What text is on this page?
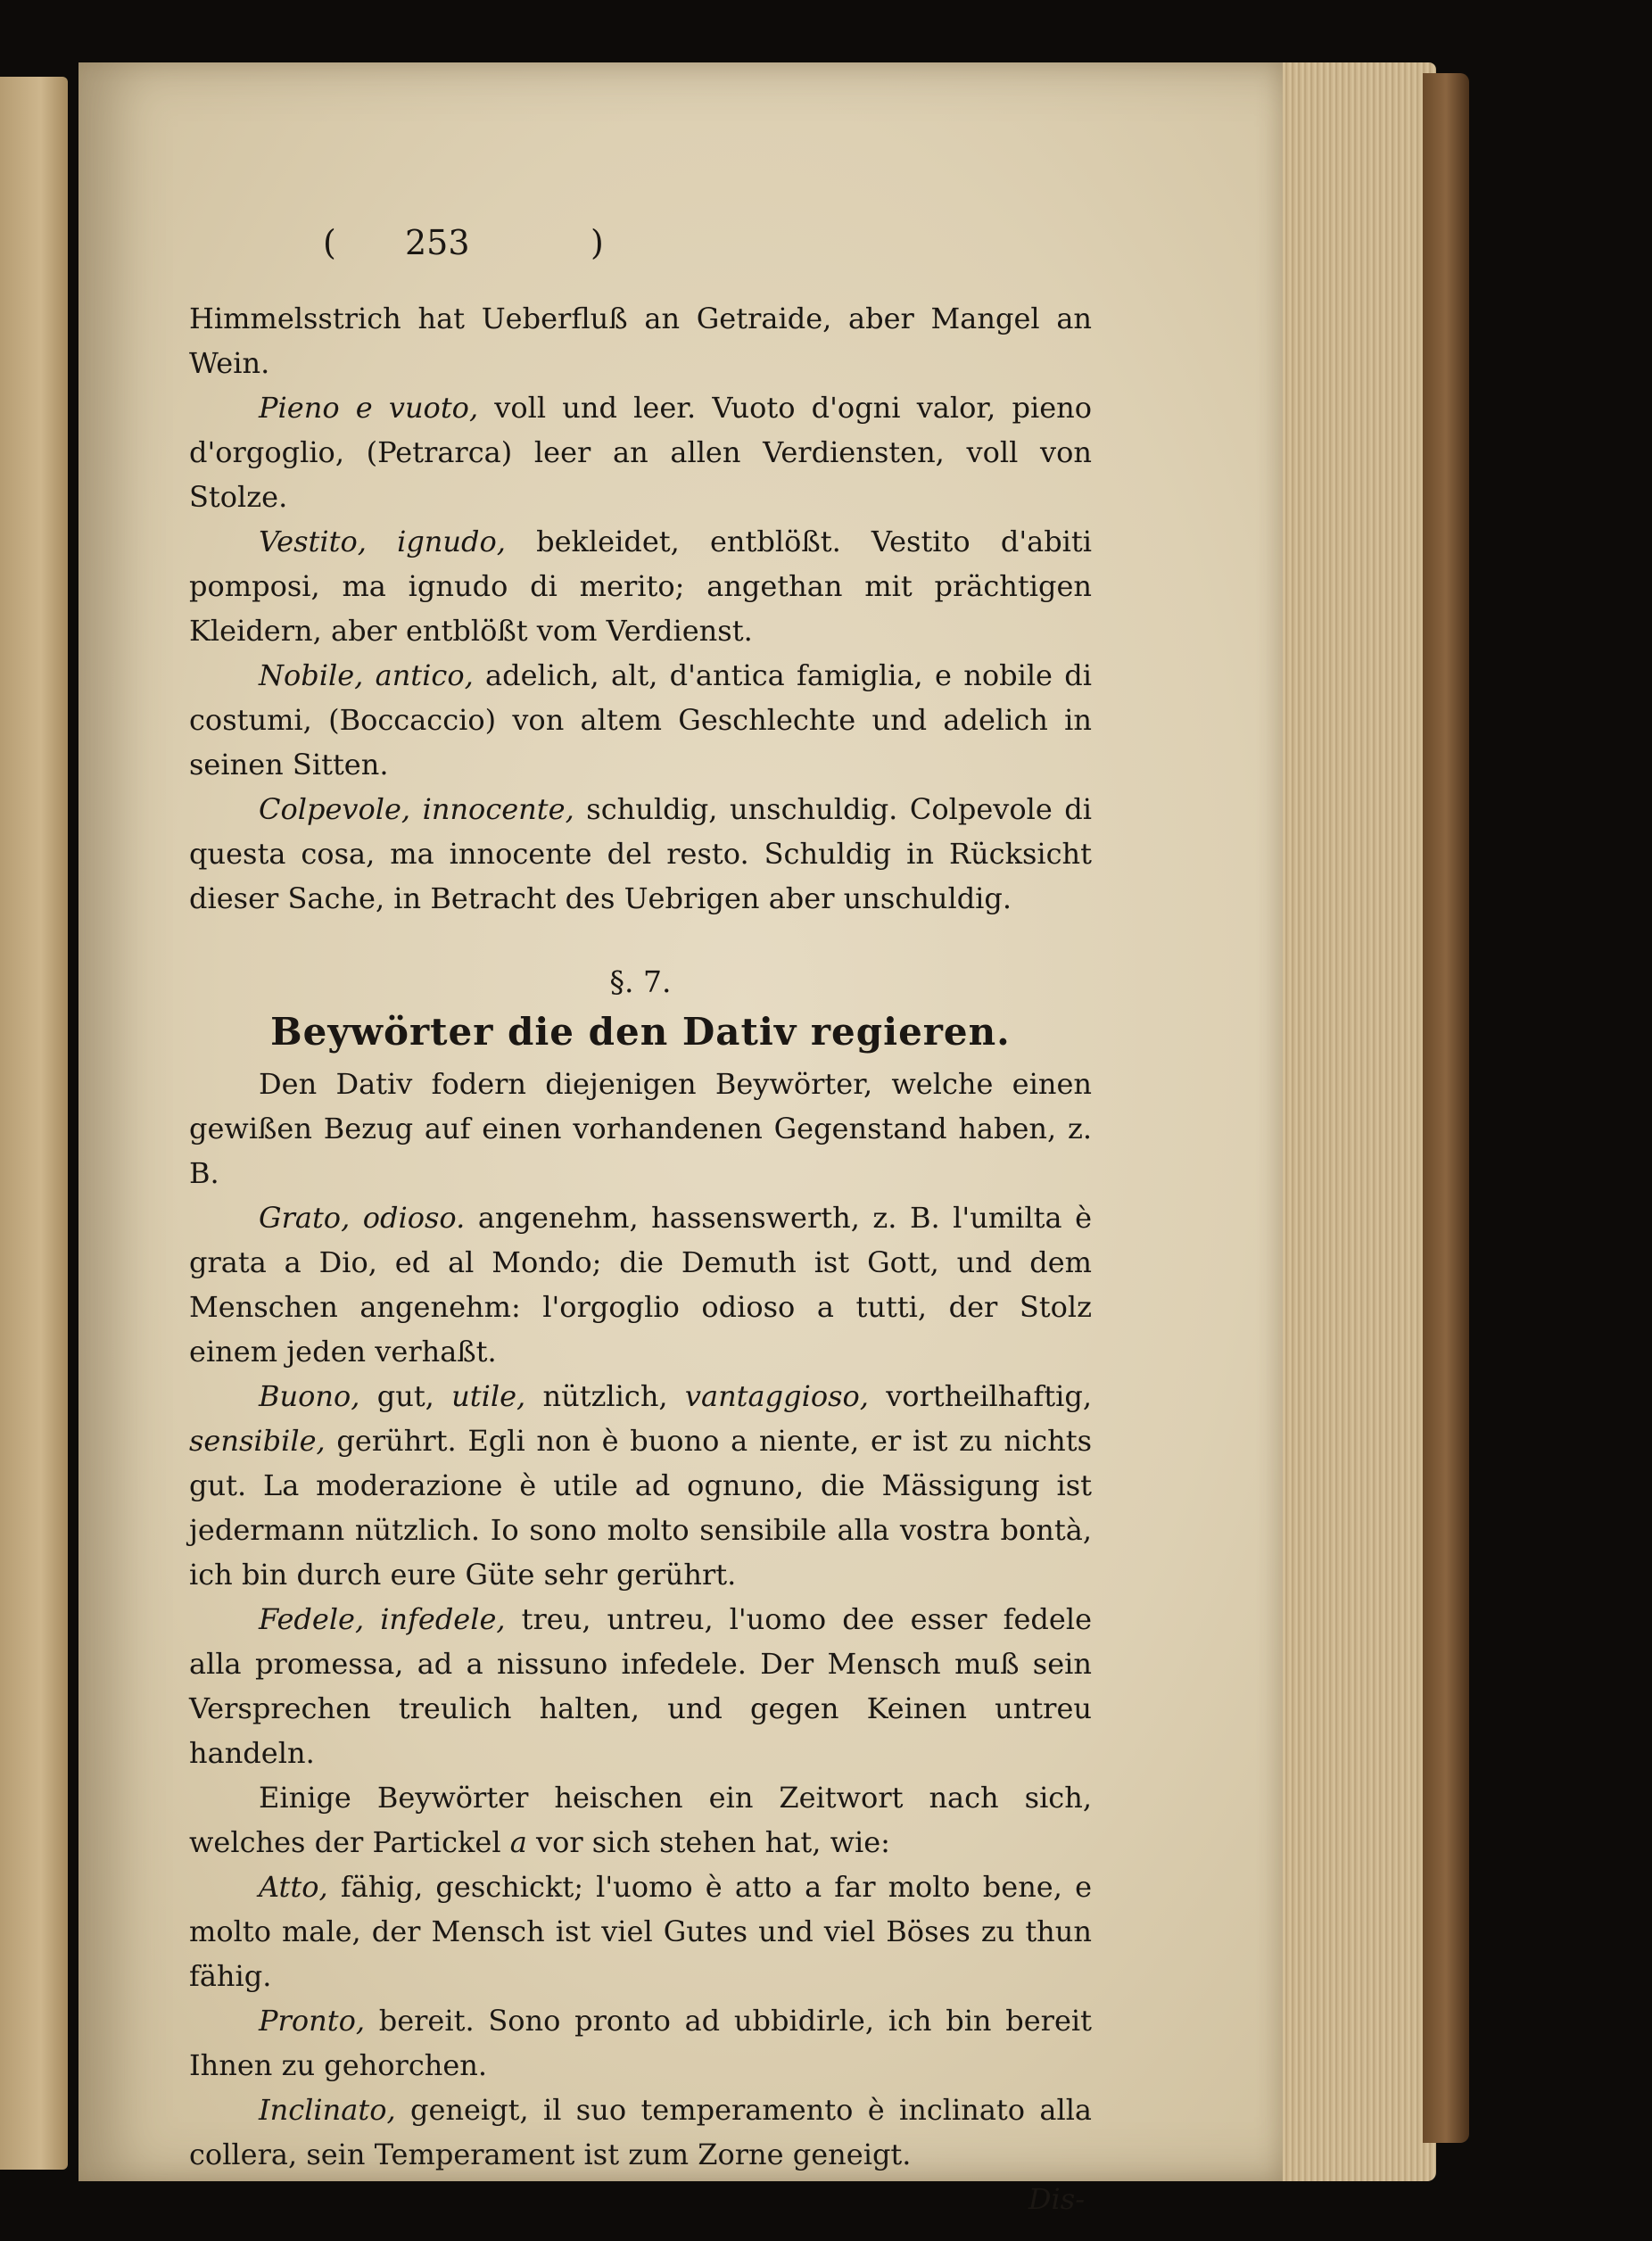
( 253	)

Himmelsstrich hat Ueberfluß an Getraide, aber Mangel an Wein.

Pieno e vuoto, voll und leer. Vuoto d'ogni valor, pieno d'orgoglio, (Petrarca) leer an allen Verdiensten, voll von Stolze.

Vestito, ignudo, bekleidet, entblößt. Vestito d'abiti pomposi, ma ignudo di merito; angethan mit prächtigen Kleidern, aber entblößt vom Verdienst.

Nobile, antico, adelich, alt, d'antica famiglia, e nobile di costumi, (Boccaccio) von altem Geschlechte und adelich in seinen Sitten.

Colpevole, innocente, schuldig, unschuldig. Colpevole di questa cosa, ma innocente del resto. Schuldig in Rücksicht dieser Sache, in Betracht des Uebrigen aber unschuldig.

§. 7.

Beywörter die den Dativ regieren.

Den Dativ fodern diejenigen Beywörter, welche einen gewißen Bezug auf einen vorhandenen Gegenstand haben, z. B.

Grato, odioso. angenehm, hassenswerth, z. B. l'umilta è grata a Dio, ed al Mondo; die Demuth ist Gott, und dem Menschen angenehm: l'orgoglio odioso a tutti, der Stolz einem jeden verhaßt.

Buono, gut, utile, nützlich, vantaggioso, vortheilhaftig, sensibile, gerührt. Egli non è buono a niente, er ist zu nichts gut. La moderazione è utile ad ognuno, die Mässigung ist jedermann nützlich. Io sono molto sensibile alla vostra bontà, ich bin durch eure Güte sehr gerührt.

Fedele, infedele, treu, untreu, l'uomo dee esser fedele alla promessa, ad a nissuno infedele. Der Mensch muß sein Versprechen treulich halten, und gegen Keinen untreu handeln.

Einige Beywörter heischen ein Zeitwort nach sich, welches der Partickel a vor sich stehen hat, wie:

Atto, fähig, geschickt; l'uomo è atto a far molto bene, e molto male, der Mensch ist viel Gutes und viel Böses zu thun fähig.

Pronto, bereit. Sono pronto ad ubbidirle, ich bin bereit Ihnen zu gehorchen.

Inclinato, geneigt, il suo temperamento è inclinato alla collera, sein Temperament ist zum Zorne geneigt.

Dis-
